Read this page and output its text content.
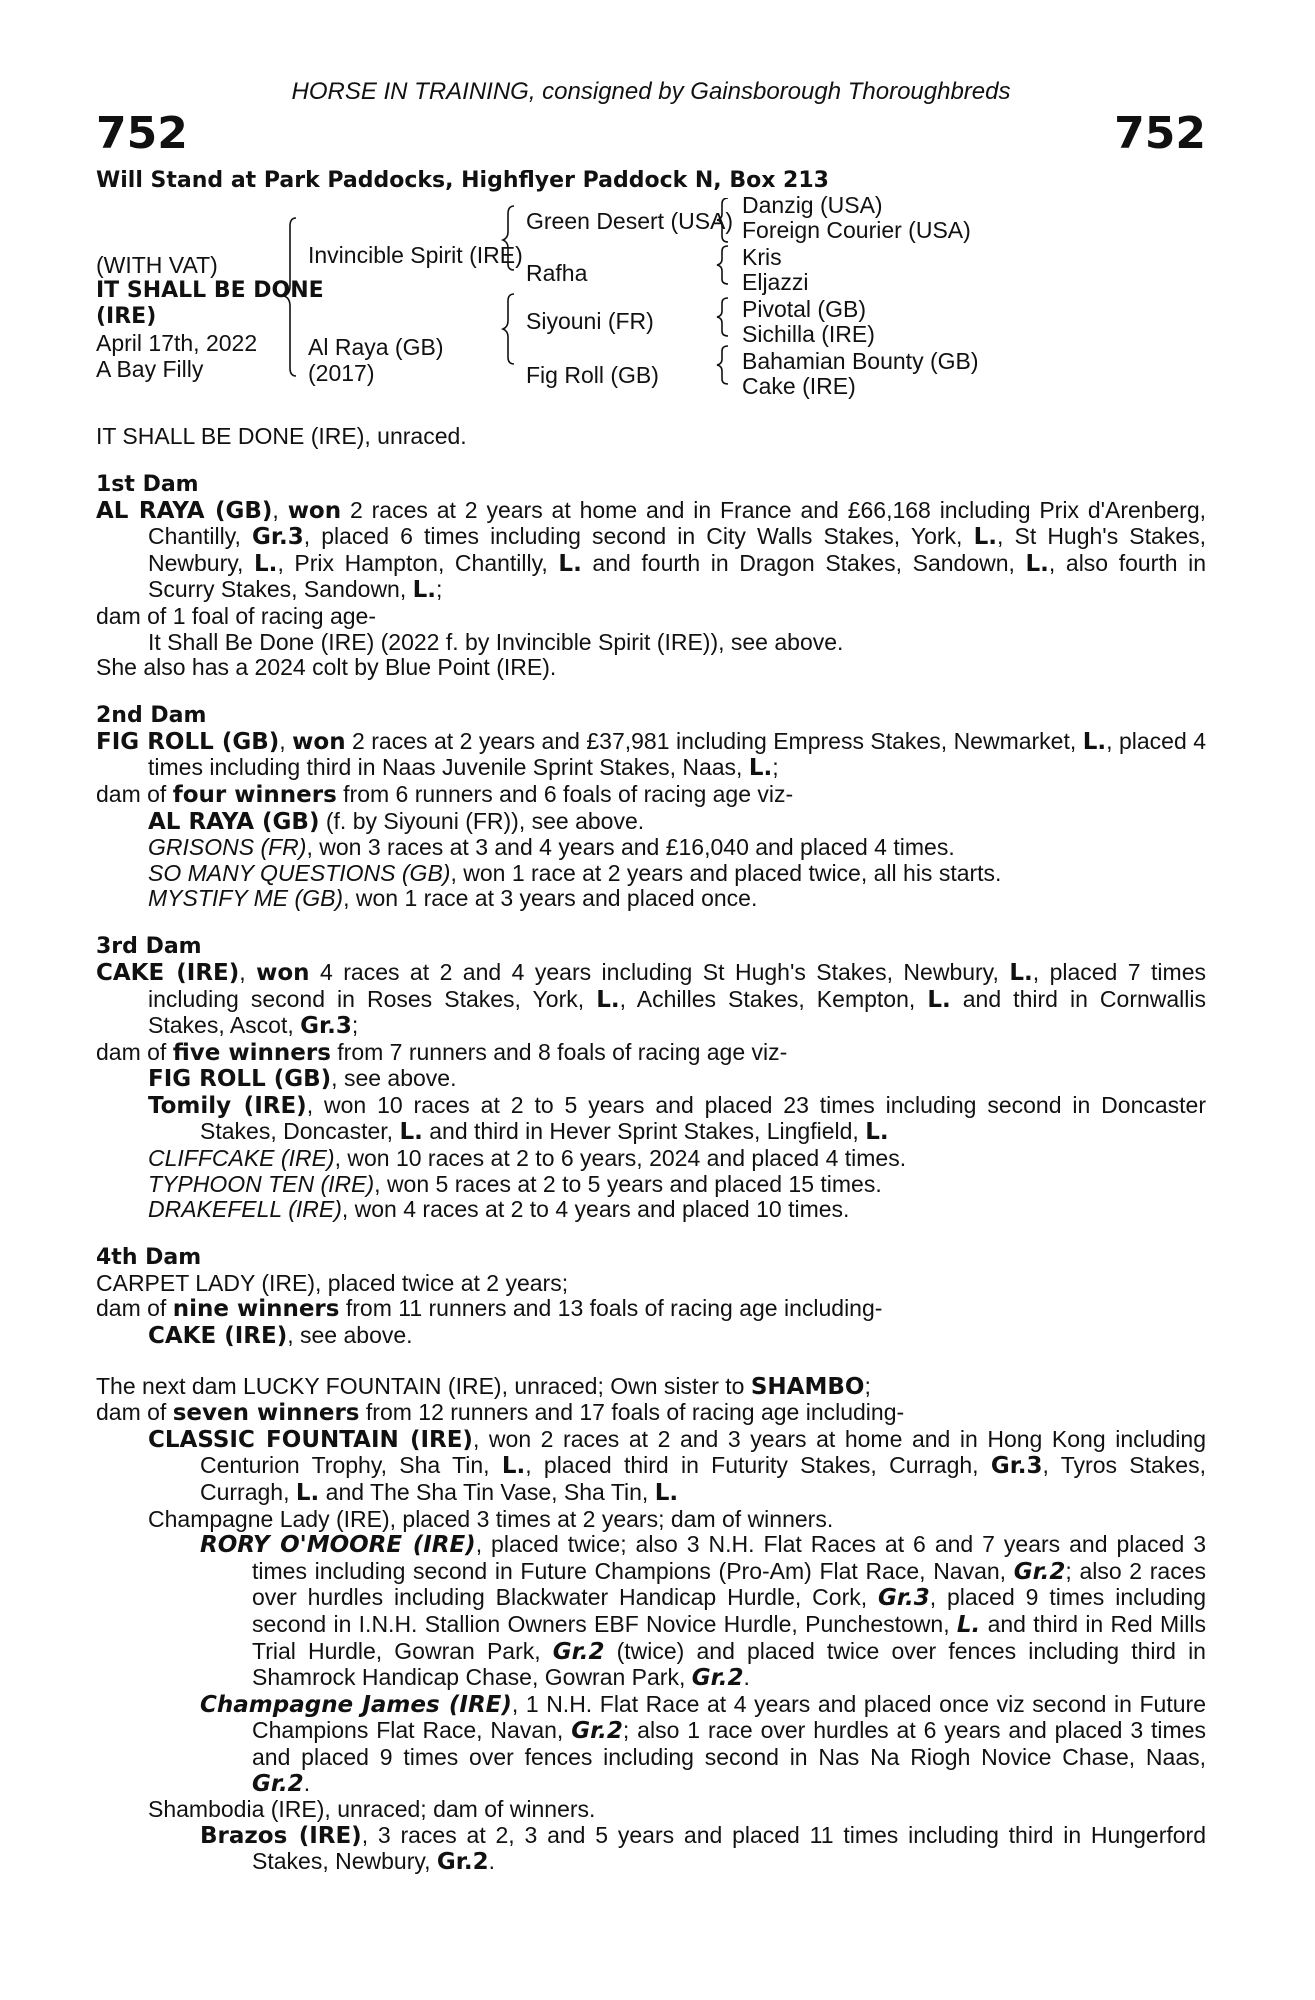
HORSE IN TRAINING, consigned by Gainsborough Thoroughbreds
752	752
Will Stand at Park Paddocks, Highflyer Paddock N, Box 213
(WITH VAT)
IT SHALL BE DONE
(IRE)
April 17th, 2022
A Bay Filly
Invincible Spirit (IRE)
Al Raya (GB)
(2017)
Green Desert (USA)
Rafha
Siyouni (FR)
Fig Roll (GB)
Danzig (USA)
Foreign Courier (USA)
Kris
Eljazzi
Pivotal (GB)
Sichilla (IRE)
Bahamian Bounty (GB)
Cake (IRE)

IT SHALL BE DONE (IRE), unraced.

1st Dam

AL RAYA (GB), won 2 races at 2 years at home and in France and £66,168 including Prix d'Arenberg, Chantilly, Gr.3, placed 6 times including second in City Walls Stakes, York, L., St Hugh's Stakes, Newbury, L., Prix Hampton, Chantilly, L. and fourth in Dragon Stakes, Sandown, L., also fourth in Scurry Stakes, Sandown, L.;

dam of 1 foal of racing age-

It Shall Be Done (IRE) (2022 f. by Invincible Spirit (IRE)), see above.

She also has a 2024 colt by Blue Point (IRE).

2nd Dam

FIG ROLL (GB), won 2 races at 2 years and £37,981 including Empress Stakes, Newmarket, L., placed 4 times including third in Naas Juvenile Sprint Stakes, Naas, L.;

dam of four winners from 6 runners and 6 foals of racing age viz-

AL RAYA (GB) (f. by Siyouni (FR)), see above.

GRISONS (FR), won 3 races at 3 and 4 years and £16,040 and placed 4 times.

SO MANY QUESTIONS (GB), won 1 race at 2 years and placed twice, all his starts.

MYSTIFY ME (GB), won 1 race at 3 years and placed once.

3rd Dam

CAKE (IRE), won 4 races at 2 and 4 years including St Hugh's Stakes, Newbury, L., placed 7 times including second in Roses Stakes, York, L., Achilles Stakes, Kempton, L. and third in Cornwallis Stakes, Ascot, Gr.3;

dam of five winners from 7 runners and 8 foals of racing age viz-

FIG ROLL (GB), see above.

Tomily (IRE), won 10 races at 2 to 5 years and placed 23 times including second in Doncaster Stakes, Doncaster, L. and third in Hever Sprint Stakes, Lingfield, L.

CLIFFCAKE (IRE), won 10 races at 2 to 6 years, 2024 and placed 4 times.

TYPHOON TEN (IRE), won 5 races at 2 to 5 years and placed 15 times.

DRAKEFELL (IRE), won 4 races at 2 to 4 years and placed 10 times.

4th Dam

CARPET LADY (IRE), placed twice at 2 years;

dam of nine winners from 11 runners and 13 foals of racing age including-

CAKE (IRE), see above.

The next dam LUCKY FOUNTAIN (IRE), unraced; Own sister to SHAMBO;

dam of seven winners from 12 runners and 17 foals of racing age including-

CLASSIC FOUNTAIN (IRE), won 2 races at 2 and 3 years at home and in Hong Kong including Centurion Trophy, Sha Tin, L., placed third in Futurity Stakes, Curragh, Gr.3, Tyros Stakes, Curragh, L. and The Sha Tin Vase, Sha Tin, L.

Champagne Lady (IRE), placed 3 times at 2 years; dam of winners.

RORY O'MOORE (IRE), placed twice; also 3 N.H. Flat Races at 6 and 7 years and placed 3 times including second in Future Champions (Pro-Am) Flat Race, Navan, Gr.2; also 2 races over hurdles including Blackwater Handicap Hurdle, Cork, Gr.3, placed 9 times including second in I.N.H. Stallion Owners EBF Novice Hurdle, Punchestown, L. and third in Red Mills Trial Hurdle, Gowran Park, Gr.2 (twice) and placed twice over fences including third in Shamrock Handicap Chase, Gowran Park, Gr.2.

Champagne James (IRE), 1 N.H. Flat Race at 4 years and placed once viz second in Future Champions Flat Race, Navan, Gr.2; also 1 race over hurdles at 6 years and placed 3 times and placed 9 times over fences including second in Nas Na Riogh Novice Chase, Naas, Gr.2.

Shambodia (IRE), unraced; dam of winners.

Brazos (IRE), 3 races at 2, 3 and 5 years and placed 11 times including third in Hungerford Stakes, Newbury, Gr.2.
